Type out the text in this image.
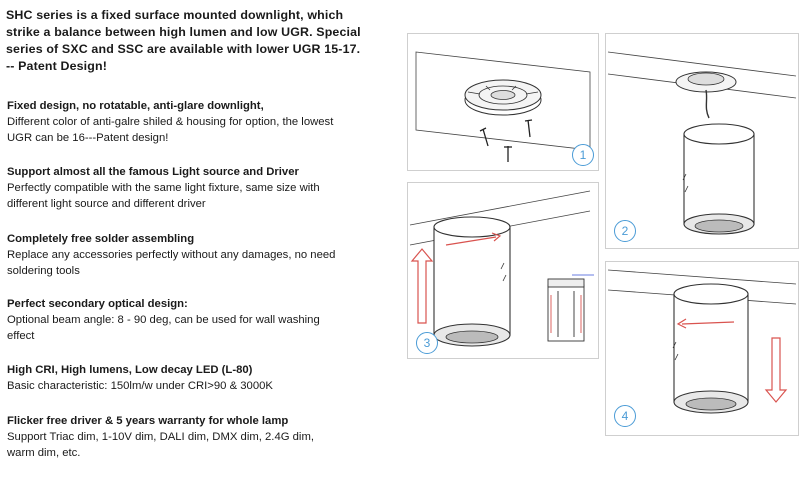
SHC series is a fixed surface mounted downlight, which
strike a balance between high lumen and low UGR. Special
series of SXC and SSC are available with lower UGR 15-17.
-- Patent Design!
Fixed design, no rotatable, anti-glare downlight,
Different color of anti-galre shiled & housing for option, the lowest
UGR can be 16---Patent design!
Support almost all the famous Light source and Driver
Perfectly compatible with the same light fixture, same size with
different light source and different driver
Completely free solder assembling
Replace any accessories perfectly without any damages, no need
soldering tools
Perfect secondary optical design:
Optional beam angle: 8 - 90 deg, can be used for wall washing
effect
High CRI, High lumens, Low decay LED (L-80)
Basic characteristic: 150lm/w under CRI>90 & 3000K
Flicker free driver & 5 years warranty for whole lamp
Support Triac dim, 1-10V dim, DALI dim, DMX dim, 2.4G dim,
warm dim, etc.
1
2
3
4
